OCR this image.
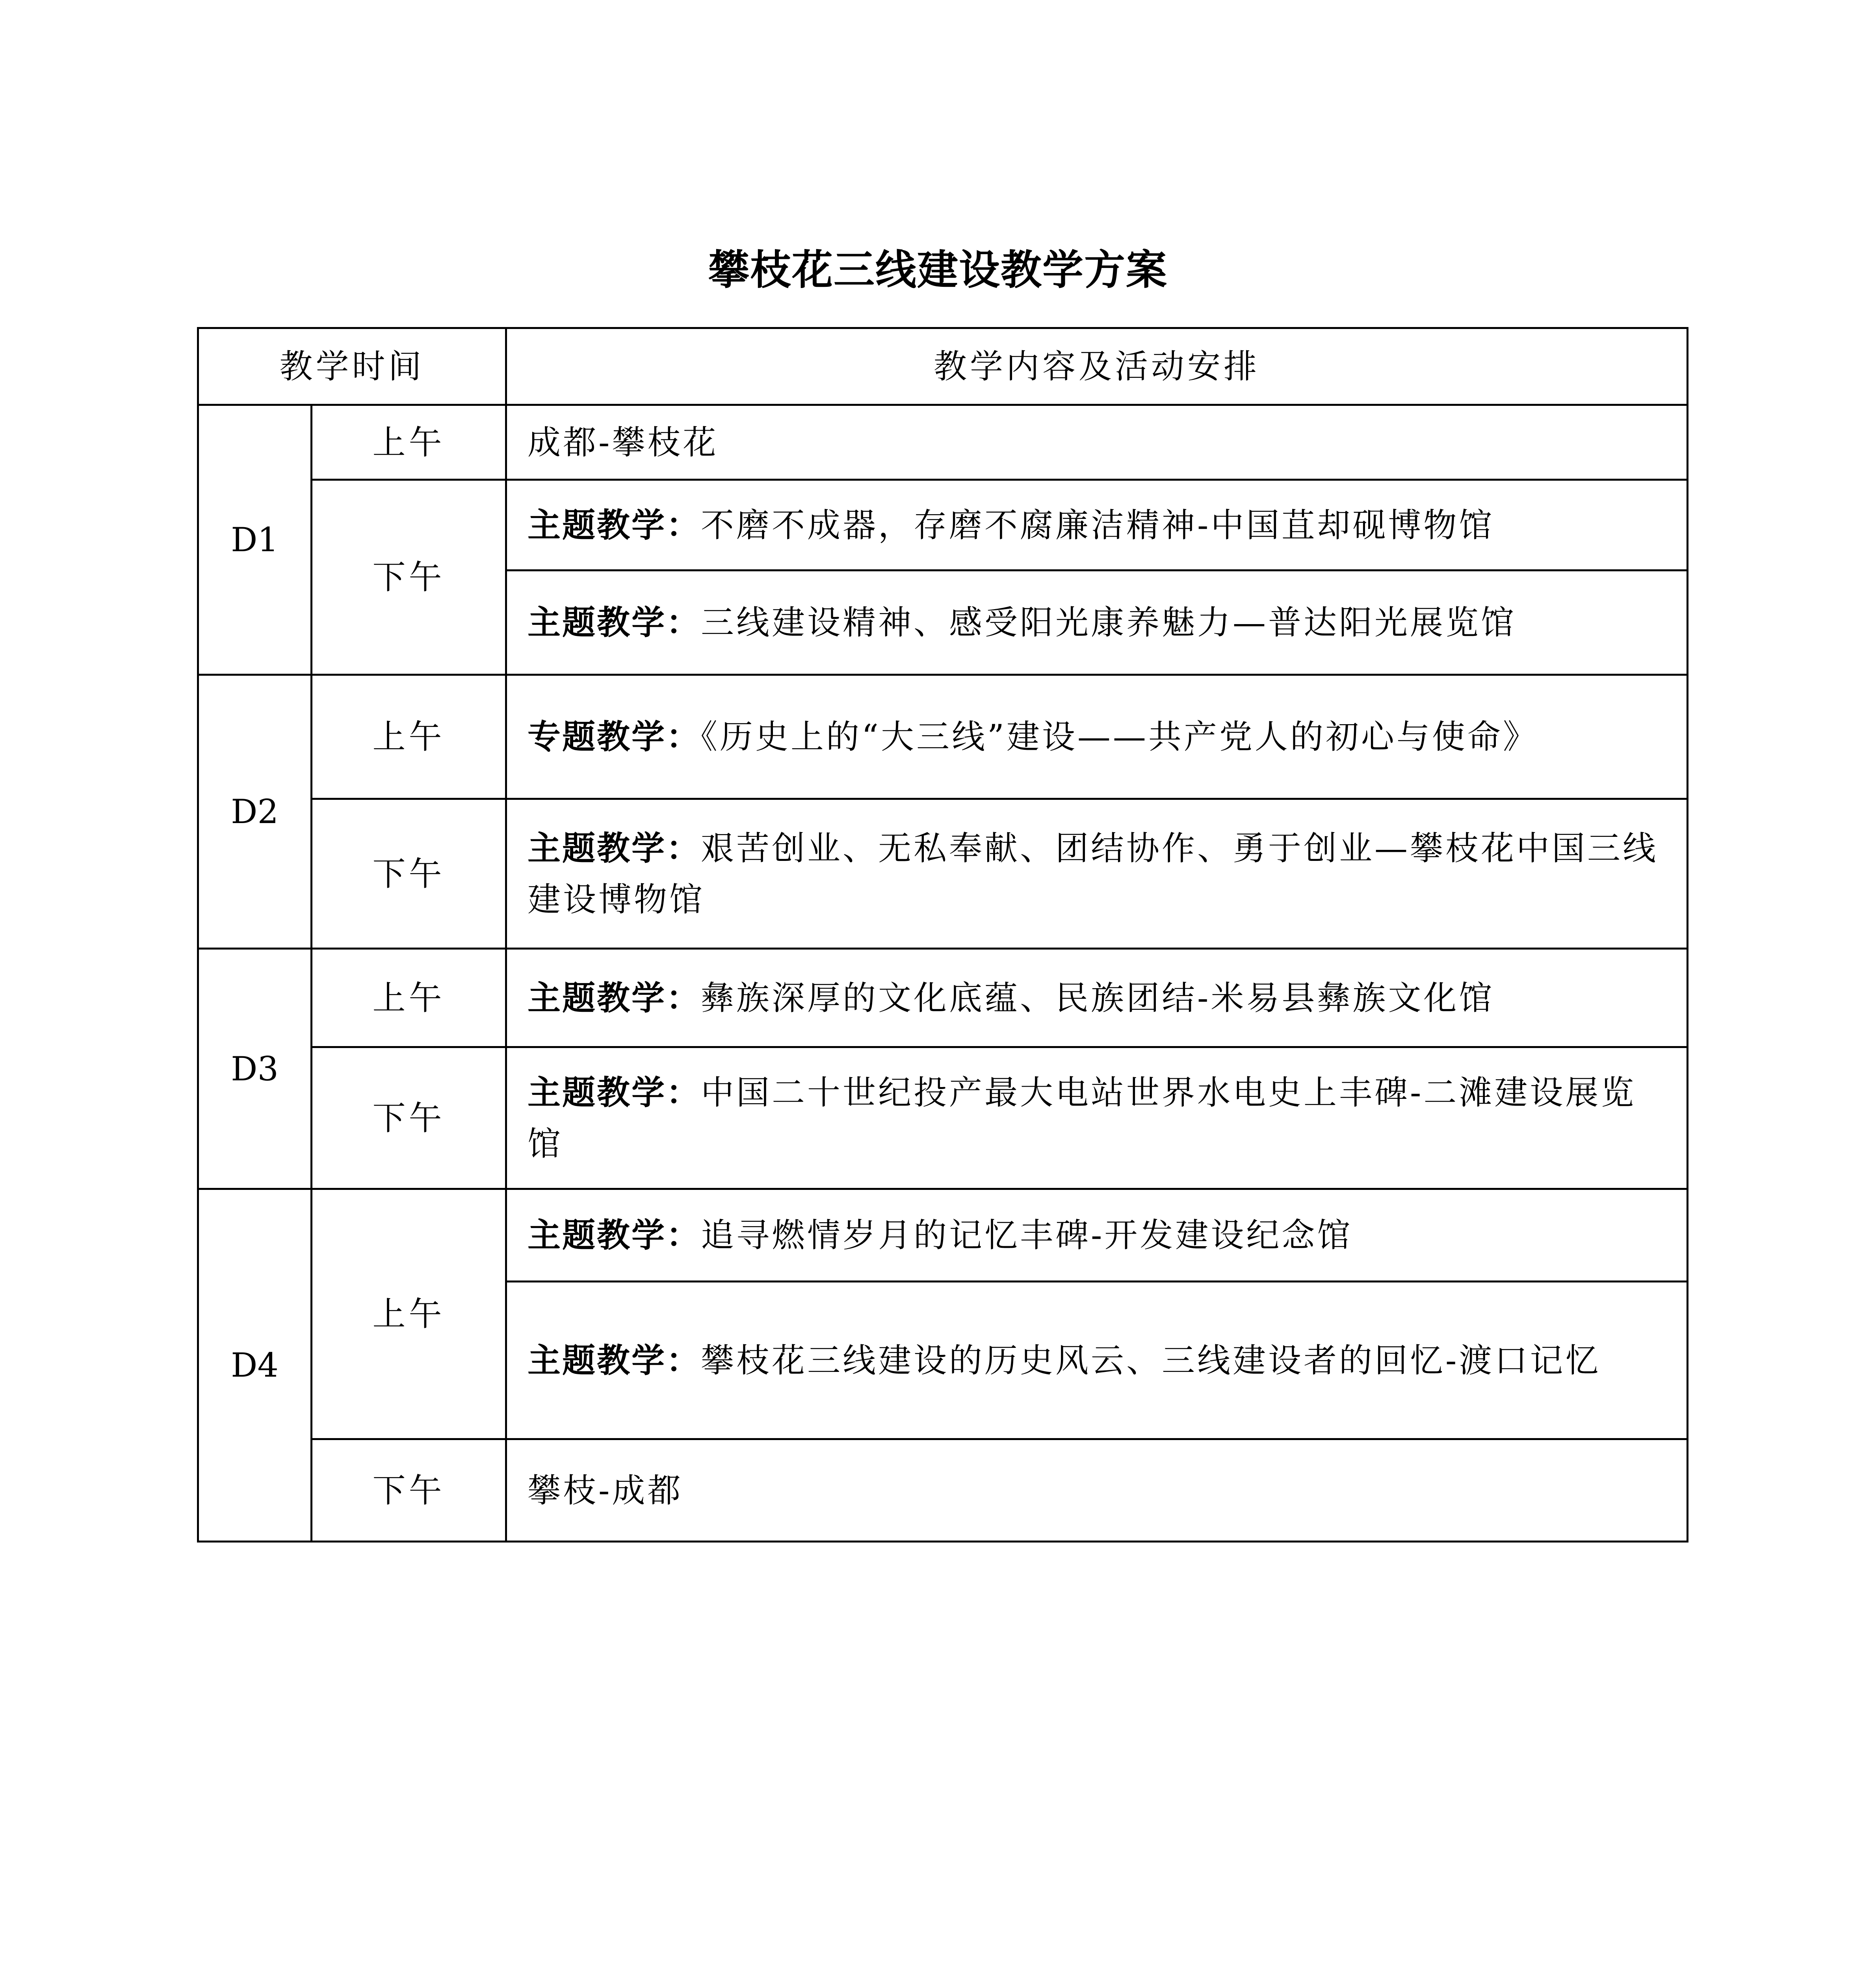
攀枝花三线建设教学方案
教学时间		教学内容及活动安排
D1	上午	成都-攀枝花
	下午	主题教学：不磨不成器，存磨不腐廉洁精神-中国苴却砚博物馆
		主题教学：三线建设精神、感受阳光康养魅力—普达阳光展览馆
D2	上午	专题教学：《历史上的“大三线”建设——共产党人的初心与使命》
	下午	主题教学：艰苦创业、无私奉献、团结协作、勇于创业—攀枝花中国三线建设博物馆
D3	上午	主题教学：彝族深厚的文化底蕴、民族团结-米易县彝族文化馆
	下午	主题教学：中国二十世纪投产最大电站世界水电史上丰碑-二滩建设展览馆
D4	上午	主题教学：追寻燃情岁月的记忆丰碑-开发建设纪念馆
		主题教学：攀枝花三线建设的历史风云、三线建设者的回忆-渡口记忆
	下午	攀枝-成都
